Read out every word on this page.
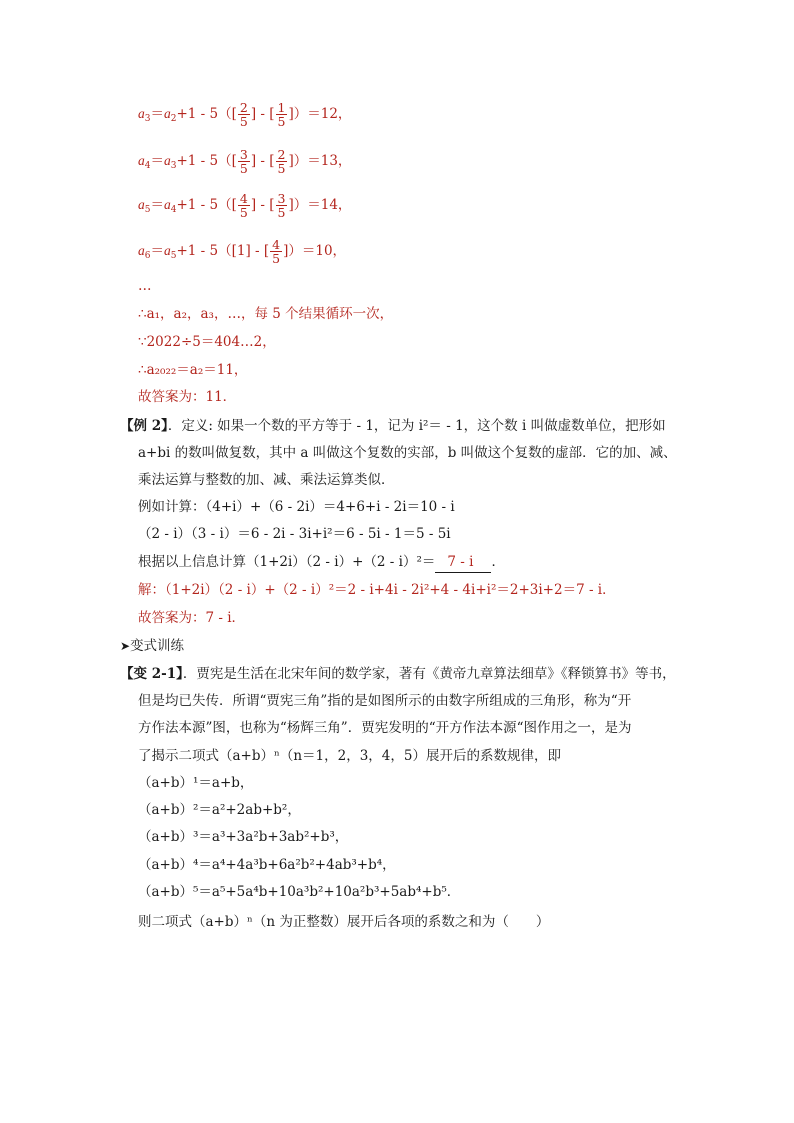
$a_3=a_2+1 - 5([ \frac{2}{5}$ ] - [ $\frac{1}{5} ])=12$，
$a_4=a_3+1 - 5([ \frac{3}{5}$ ] - [ $\frac{2}{5} ])=13$，
$a_5=a_4+1 - 5([ \frac{4}{5}$ ] - [ $\frac{3}{5} ])=14$，
$a_6=a_5+1 - 5([1]$ - [ $\frac{4}{5} ])=10$，
…
∴a₁，a₂，a₃，…，每 5 个结果循环一次，
∵2022÷5＝404…2，
∴a₂₀₂₂＝a₂＝11，
故答案为：11．
【例 2】．定义: 如果一个数的平方等于 - 1，记为 i²＝ - 1，这个数 i 叫做虚数单位，把形如
a+bi 的数叫做复数，其中 a 叫做这个复数的实部，b 叫做这个复数的虚部．它的加、减、
乘法运算与整数的加、减、乘法运算类似．
例如计算：（4+i）+（6 - 2i）＝4+6+i - 2i＝10 - i
（2 - i）（3 - i）＝6 - 2i - 3i+i²＝6 - 5i - 1＝5 - 5i
根据以上信息计算（1+2i）（2 - i）+（2 - i）²＝ 7 - i ．
解：（1+2i）（2 - i）+（2 - i）²＝2 - i+4i - 2i²+4 - 4i+i²＝2+3i+2＝7 - i．
故答案为：7 - i．
➤变式训练
【变 2-1】．贾宪是生活在北宋年间的数学家，著有《黄帝九章算法细草》《释锁算书》等书，
但是均已失传．所谓“贾宪三角”指的是如图所示的由数字所组成的三角形，称为“开
方作法本源”图，也称为“杨辉三角”．贾宪发明的“开方作法本源“图作用之一，是为
了揭示二项式（a+b）ⁿ（n＝1，2，3，4，5）展开后的系数规律，即
（a+b）¹＝a+b，
（a+b）²＝a²+2ab+b²，
（a+b）³＝a³+3a²b+3ab²+b³，
（a+b）⁴＝a⁴+4a³b+6a²b²+4ab³+b⁴，
（a+b）⁵＝a⁵+5a⁴b+10a³b²+10a²b³+5ab⁴+b⁵．
则二项式（a+b）ⁿ（n 为正整数）展开后各项的系数之和为（　　）
